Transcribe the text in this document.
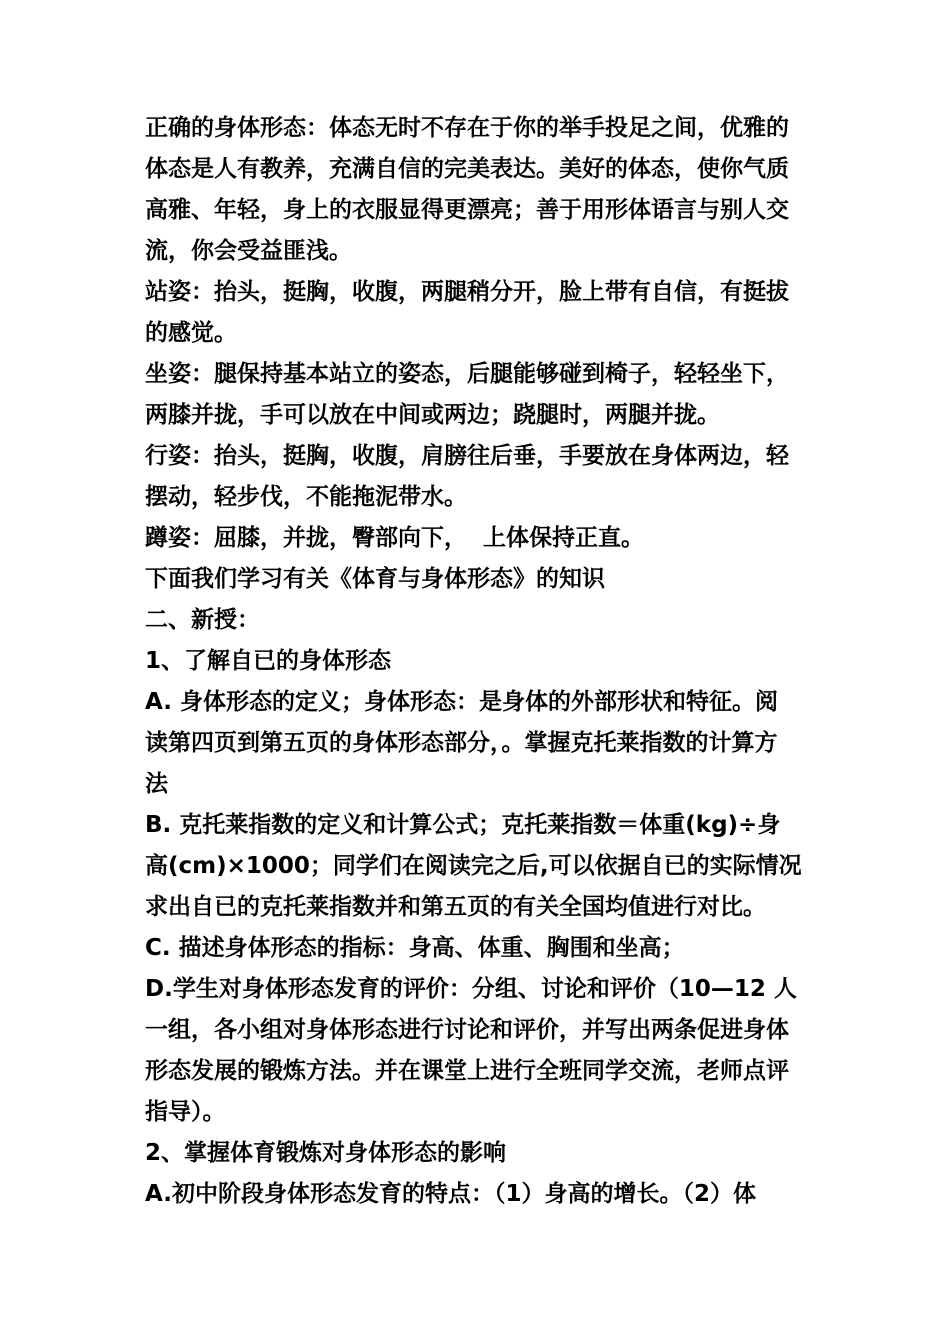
正确的身体形态：体态无时不存在于你的举手投足之间，优雅的
体态是人有教养，充满自信的完美表达。美好的体态，使你气质
高雅、年轻，身上的衣服显得更漂亮；善于用形体语言与别人交
流，你会受益匪浅。
站姿：抬头，挺胸，收腹，两腿稍分开，脸上带有自信，有挺拔
的感觉。
坐姿：腿保持基本站立的姿态，后腿能够碰到椅子，轻轻坐下，
两膝并拢，手可以放在中间或两边；跷腿时，两腿并拢。
行姿：抬头，挺胸，收腹，肩膀往后垂，手要放在身体两边，轻
摆动，轻步伐，不能拖泥带水。
蹲姿：屈膝，并拢，臀部向下，  上体保持正直。
下面我们学习有关《体育与身体形态》的知识
二、新授：
1、了解自已的身体形态
A. 身体形态的定义；身体形态：是身体的外部形状和特征。阅
读第四页到第五页的身体形态部分，。掌握克托莱指数的计算方
法
B. 克托莱指数的定义和计算公式；克托莱指数＝体重(kg)÷身
高(cm)×1000；同学们在阅读完之后,可以依据自已的实际情况
求出自已的克托莱指数并和第五页的有关全国均值进行对比。
C. 描述身体形态的指标：身高、体重、胸围和坐高；
D.学生对身体形态发育的评价：分组、讨论和评价（10—12 人
一组，各小组对身体形态进行讨论和评价，并写出两条促进身体
形态发展的锻炼方法。并在课堂上进行全班同学交流，老师点评
指导）。
2、掌握体育锻炼对身体形态的影响
A.初中阶段身体形态发育的特点：（1）身高的增长。（2）体
